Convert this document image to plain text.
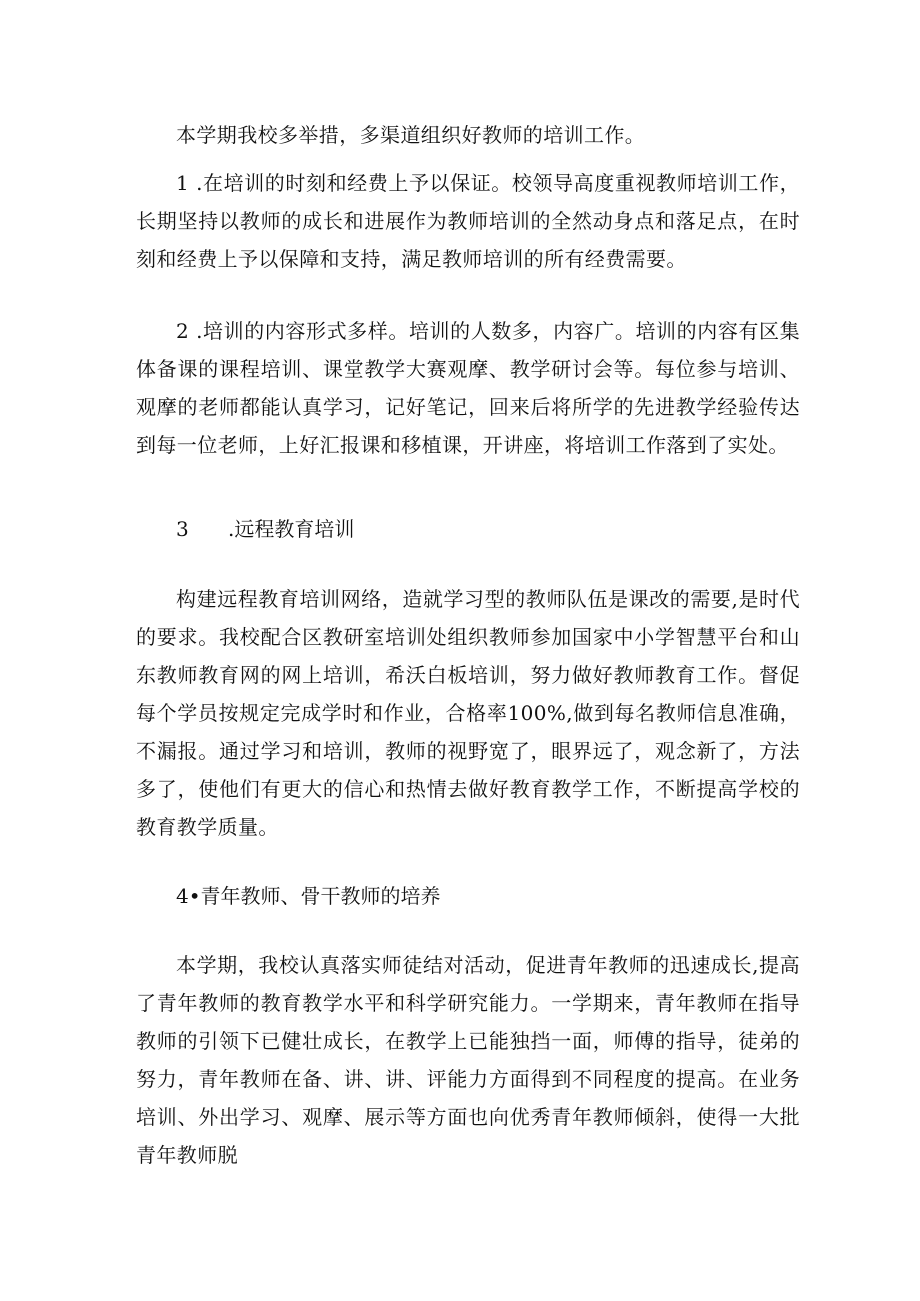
本学期我校多举措，多渠道组织好教师的培训工作。

1 .在培训的时刻和经费上予以保证。校领导高度重视教师培训工作，长期坚持以教师的成长和进展作为教师培训的全然动身点和落足点，在时刻和经费上予以保障和支持，满足教师培训的所有经费需要。

2 .培训的内容形式多样。培训的人数多，内容广。培训的内容有区集体备课的课程培训、课堂教学大赛观摩、教学研讨会等。每位参与培训、观摩的老师都能认真学习，记好笔记，回来后将所学的先进教学经验传达到每一位老师，上好汇报课和移植课，开讲座，将培训工作落到了实处。

3 .远程教育培训

构建远程教育培训网络，造就学习型的教师队伍是课改的需要,是时代的要求。我校配合区教研室培训处组织教师参加国家中小学智慧平台和山东教师教育网的网上培训，希沃白板培训，努力做好教师教育工作。督促每个学员按规定完成学时和作业，合格率100%,做到每名教师信息准确，不漏报。通过学习和培训，教师的视野宽了，眼界远了，观念新了，方法多了，使他们有更大的信心和热情去做好教育教学工作，不断提高学校的教育教学质量。

4•青年教师、骨干教师的培养

本学期，我校认真落实师徒结对活动，促进青年教师的迅速成长,提高了青年教师的教育教学水平和科学研究能力。一学期来，青年教师在指导教师的引领下已健壮成长，在教学上已能独挡一面，师傅的指导，徒弟的努力，青年教师在备、讲、讲、评能力方面得到不同程度的提高。在业务培训、外出学习、观摩、展示等方面也向优秀青年教师倾斜，使得一大批青年教师脱
